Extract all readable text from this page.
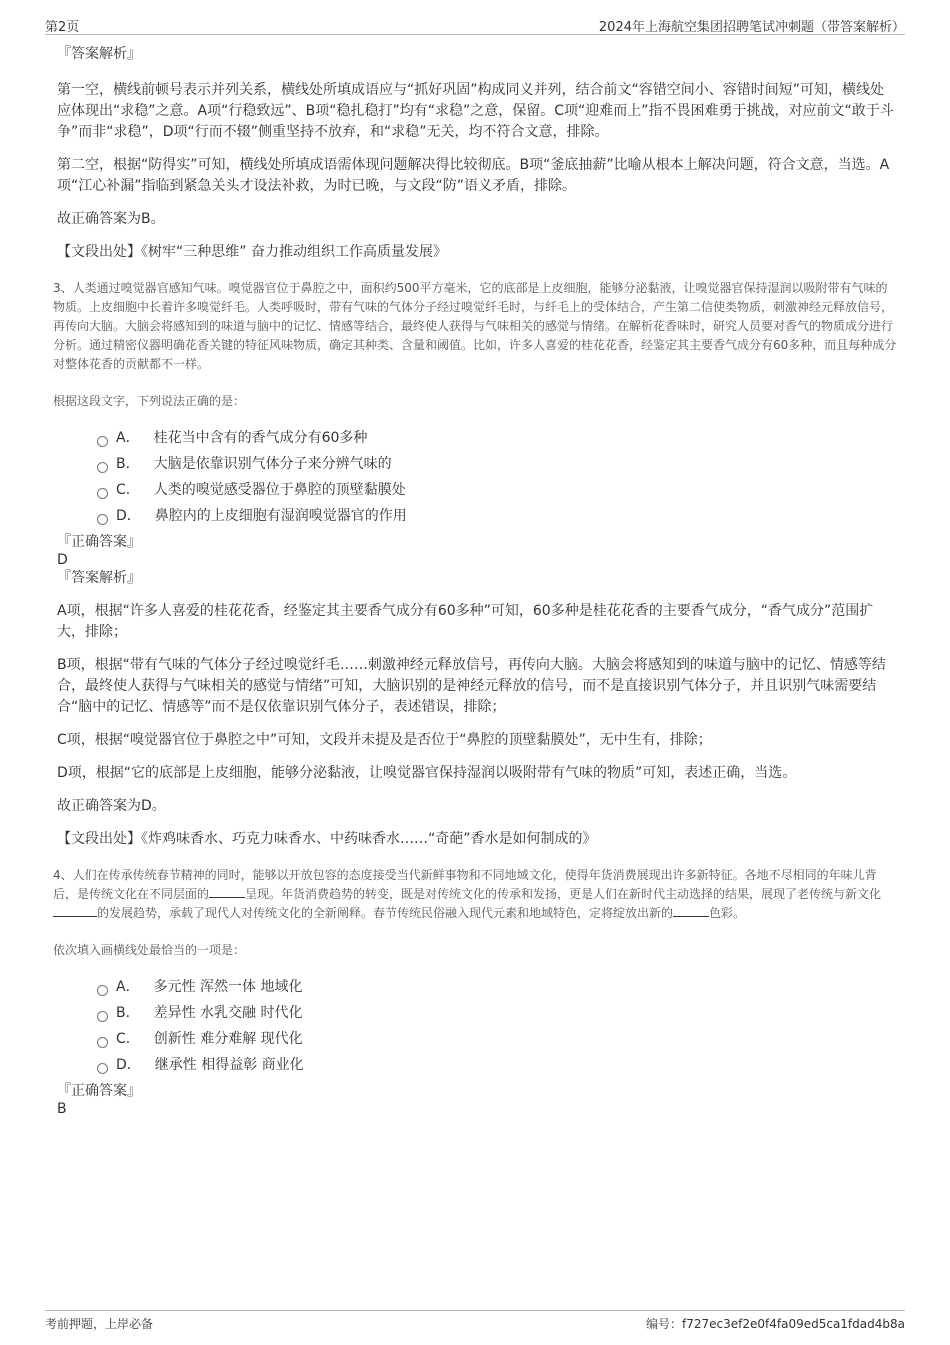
第2页	2024年上海航空集团招聘笔试冲刺题（带答案解析）

『答案解析』

第一空，横线前顿号表示并列关系，横线处所填成语应与“抓好巩固”构成同义并列，结合前文“容错空间小、容错时间短”可知，横线处应体现出“求稳”之意。A项“行稳致远”、B项“稳扎稳打”均有“求稳”之意，保留。C项“迎难而上”指不畏困难勇于挑战，对应前文“敢于斗争”而非“求稳”，D项“行而不辍”侧重坚持不放弃，和“求稳”无关，均不符合文意，排除。

第二空，根据“防得实”可知，横线处所填成语需体现问题解决得比较彻底。B项“釜底抽薪”比喻从根本上解决问题，符合文意，当选。A项“江心补漏”指临到紧急关头才设法补救，为时已晚，与文段“防”语义矛盾，排除。

故正确答案为B。

【文段出处】《树牢“三种思维” 奋力推动组织工作高质量发展》

3、人类通过嗅觉器官感知气味。嗅觉器官位于鼻腔之中，面积约500平方毫米，它的底部是上皮细胞，能够分泌黏液，让嗅觉器官保持湿润以吸附带有气味的物质。上皮细胞中长着许多嗅觉纤毛。人类呼吸时，带有气味的气体分子经过嗅觉纤毛时，与纤毛上的受体结合，产生第二信使类物质，刺激神经元释放信号，再传向大脑。大脑会将感知到的味道与脑中的记忆、情感等结合，最终使人获得与气味相关的感觉与情绪。在解析花香味时，研究人员要对香气的物质成分进行分析。通过精密仪器明确花香关键的特征风味物质，确定其种类、含量和阈值。比如，许多人喜爱的桂花花香，经鉴定其主要香气成分有60多种，而且每种成分对整体花香的贡献都不一样。

根据这段文字，下列说法正确的是：

A． 桂花当中含有的香气成分有60多种
B． 大脑是依靠识别气体分子来分辨气味的
C． 人类的嗅觉感受器位于鼻腔的顶壁黏膜处
D． 鼻腔内的上皮细胞有湿润嗅觉器官的作用

『正确答案』

D

『答案解析』

A项，根据“许多人喜爱的桂花花香，经鉴定其主要香气成分有60多种”可知，60多种是桂花花香的主要香气成分，“香气成分”范围扩大，排除；

B项，根据“带有气味的气体分子经过嗅觉纤毛……刺激神经元释放信号，再传向大脑。大脑会将感知到的味道与脑中的记忆、情感等结合，最终使人获得与气味相关的感觉与情绪”可知，大脑识别的是神经元释放的信号，而不是直接识别气体分子，并且识别气味需要结合“脑中的记忆、情感等”而不是仅依靠识别气体分子，表述错误，排除；

C项，根据“嗅觉器官位于鼻腔之中”可知，文段并未提及是否位于“鼻腔的顶壁黏膜处”，无中生有，排除；

D项，根据“它的底部是上皮细胞，能够分泌黏液，让嗅觉器官保持湿润以吸附带有气味的物质”可知，表述正确，当选。

故正确答案为D。

【文段出处】《炸鸡味香水、巧克力味香水、中药味香水……“奇葩”香水是如何制成的》

4、人们在传承传统春节精神的同时，能够以开放包容的态度接受当代新鲜事物和不同地域文化，使得年货消费展现出许多新特征。各地不尽相同的年味儿背后，是传统文化在不同层面的	呈现。年货消费趋势的转变，既是对传统文化的传承和发扬，更是人们在新时代主动选择的结果，展现了老传统与新文化的发展趋势，承载了现代人对传统文化的全新阐释。春节传统民俗融入现代元素和地域特色，定将绽放出新的	色彩。

依次填入画横线处最恰当的一项是：

A． 多元性 浑然一体 地域化
B． 差异性 水乳交融 时代化
C． 创新性 难分难解 现代化
D． 继承性 相得益彰 商业化

『正确答案』

B

考前押题，上岸必备	编号：f727ec3ef2e0f4fa09ed5ca1fdad4b8a
